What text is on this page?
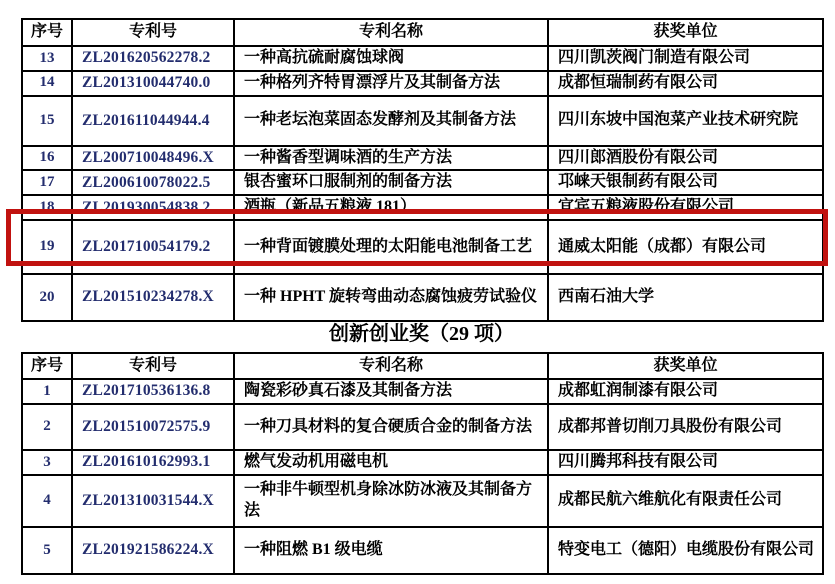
序号	专利号	专利名称	获奖单位
13	ZL201620562278.2	一种高抗硫耐腐蚀球阀	四川凯茨阀门制造有限公司
14	ZL201310044740.0	一种格列齐特胃漂浮片及其制备方法	成都恒瑞制药有限公司
15	ZL201611044944.4	一种老坛泡菜固态发酵剂及其制备方法	四川东坡中国泡菜产业技术研究院
16	ZL200710048496.X	一种酱香型调味酒的生产方法	四川郎酒股份有限公司
17	ZL200610078022.5	银杏蜜环口服制剂的制备方法	邛崃天银制药有限公司
18	ZL201930054838.2	酒瓶（新品五粮液 181）	宜宾五粮液股份有限公司
19	ZL201710054179.2	一种背面镀膜处理的太阳能电池制备工艺	通威太阳能（成都）有限公司
20	ZL201510234278.X	一种 HPHT 旋转弯曲动态腐蚀疲劳试验仪	西南石油大学
创新创业奖（29 项）
序号	专利号	专利名称	获奖单位
1	ZL201710536136.8	陶瓷彩砂真石漆及其制备方法	成都虹润制漆有限公司
2	ZL201510072575.9	一种刀具材料的复合硬质合金的制备方法	成都邦普切削刀具股份有限公司
3	ZL201610162993.1	燃气发动机用磁电机	四川腾邦科技有限公司
4	ZL201310031544.X	一种非牛顿型机身除冰防冰液及其制备方法	成都民航六维航化有限责任公司
5	ZL201921586224.X	一种阻燃 B1 级电缆	特变电工（德阳）电缆股份有限公司
